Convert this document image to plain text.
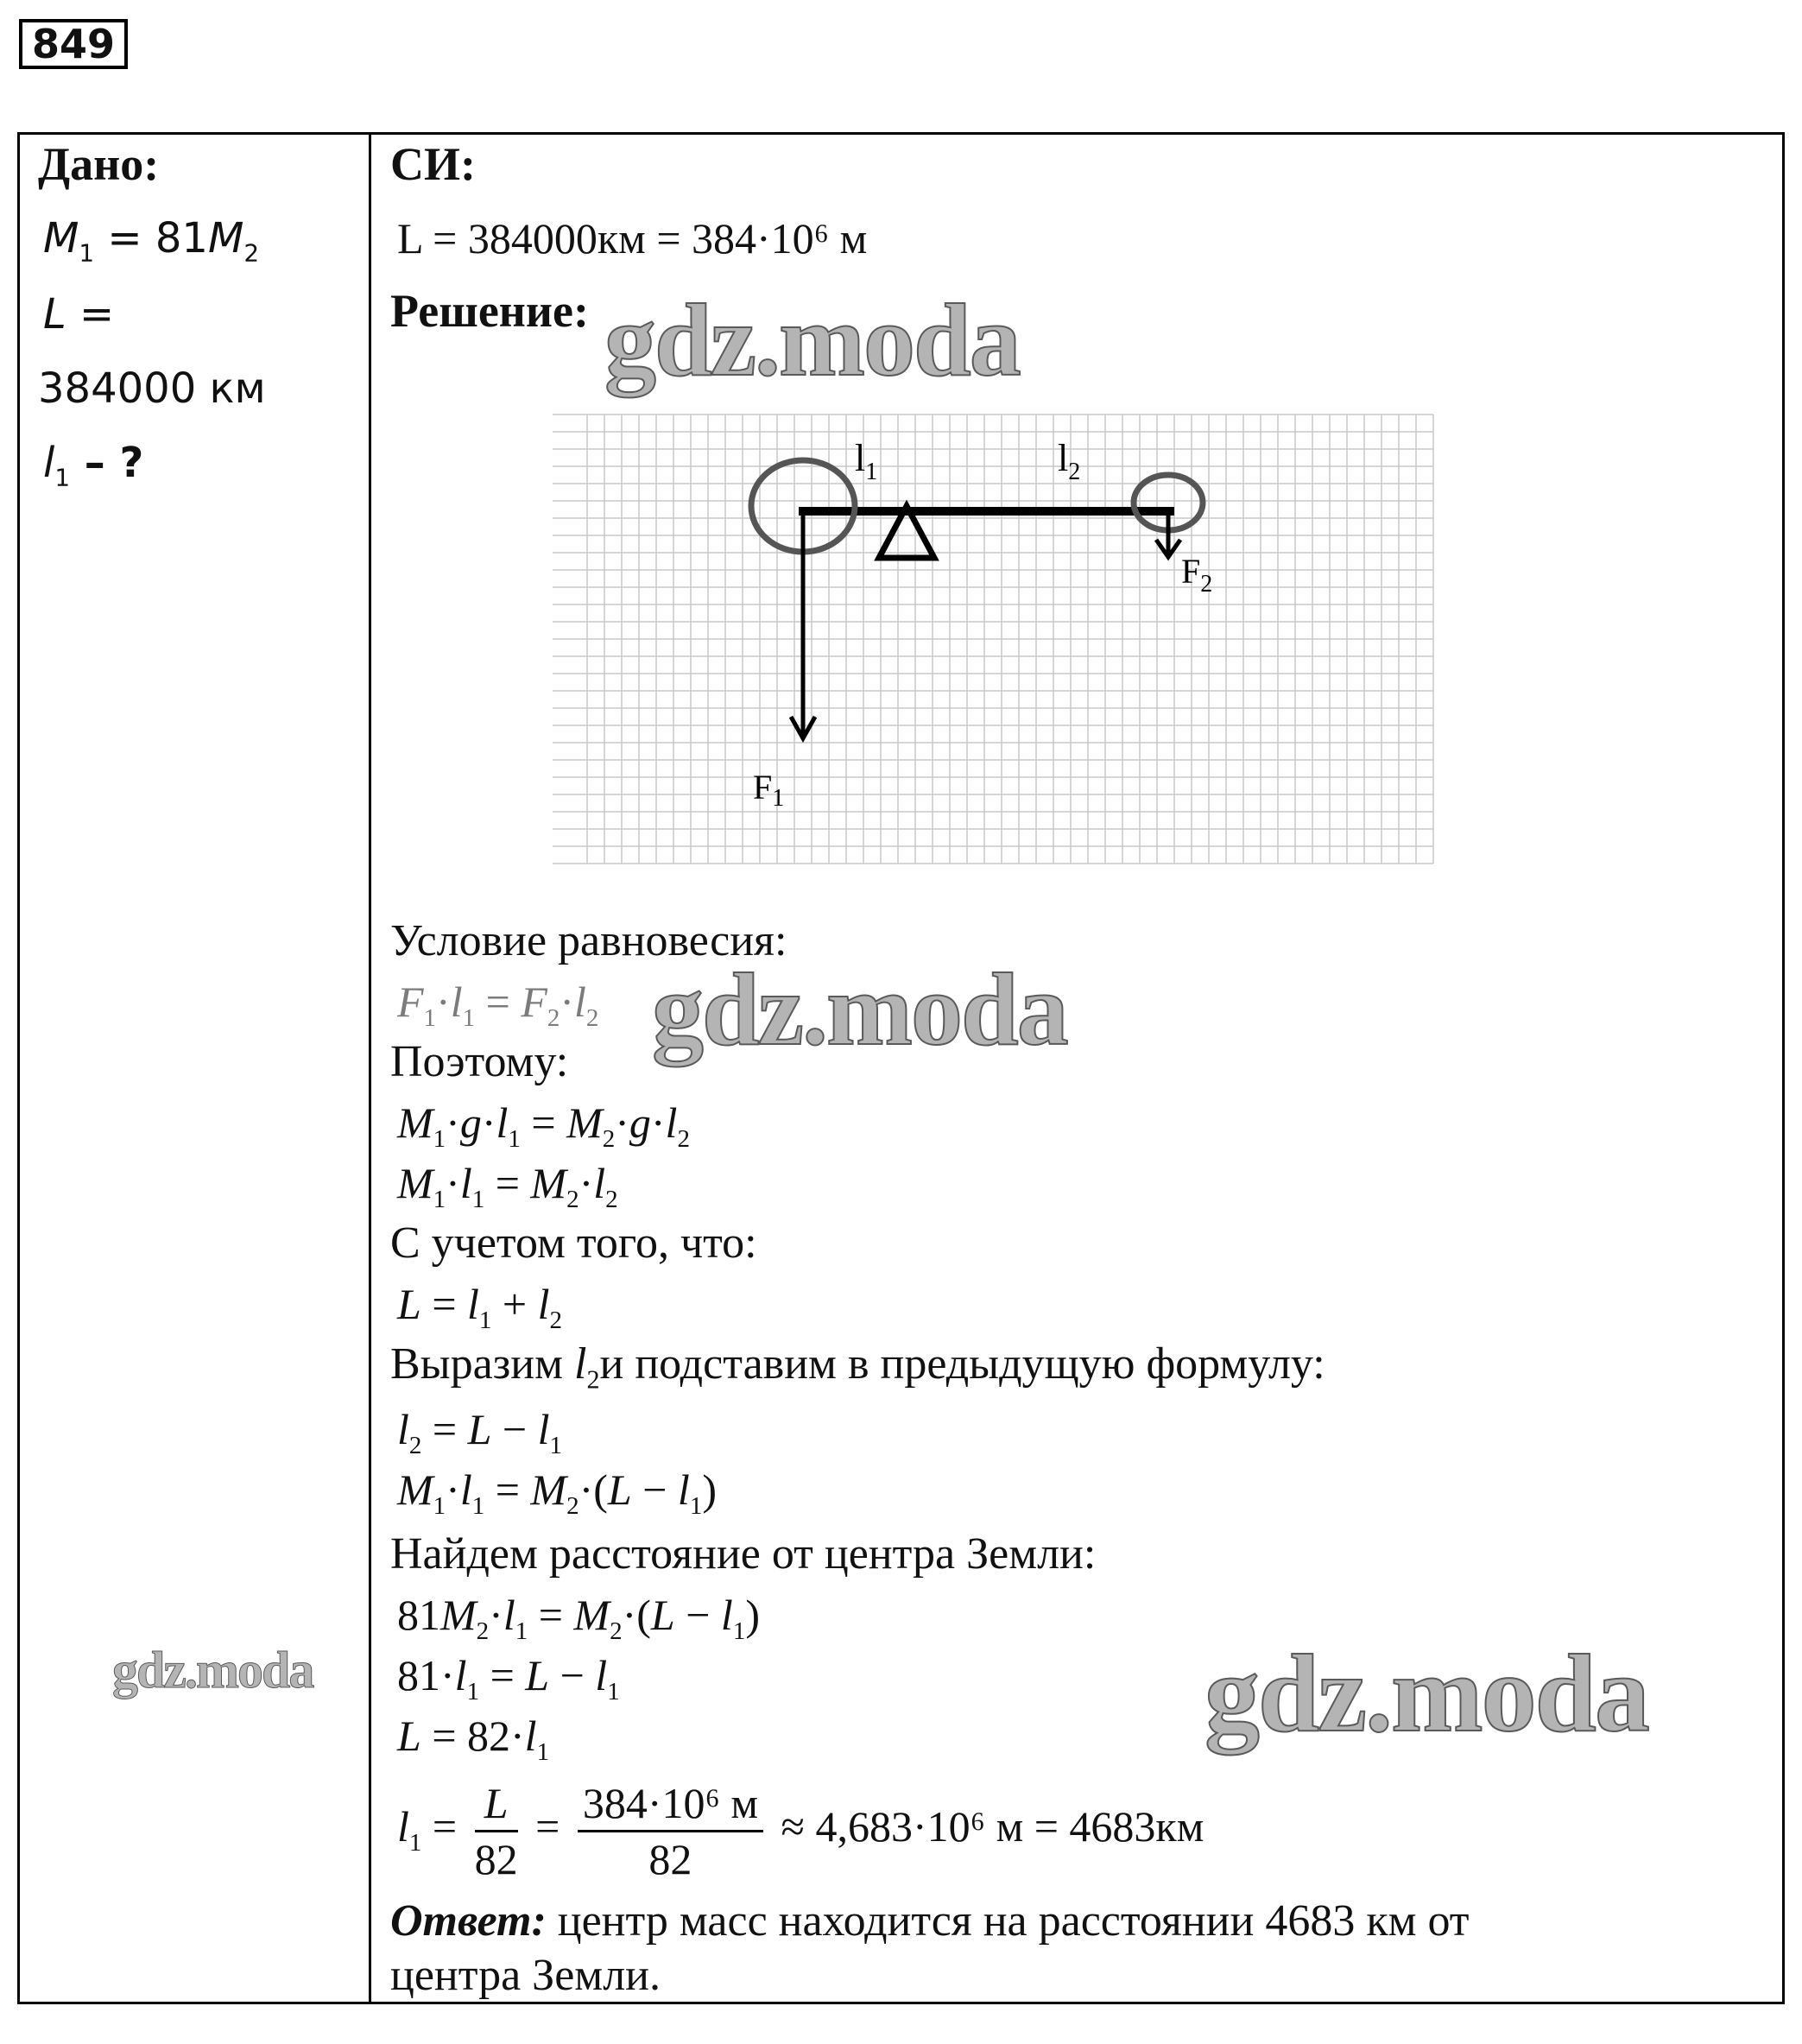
849
Дано:
$M_1 = 81M_2$
L =
384000 км
$l_1$ – ?
СИ:
L = 384000км = 384·10⁶ м
Решение:
$l_1$	$l_2$
$F_2$
$F_1$
Условие равновесия:
$F_1\cdot l_1 = F_2\cdot l_2$
Поэтому:
$M_1\cdot g\cdot l_1 = M_2\cdot g\cdot l_2$
$M_1\cdot l_1 = M_2\cdot l_2$
С учетом того, что:
$L = l_1 + l_2$
Выразим $l_2и$ подставим в предыдущую формулу:
$l_2 = L - l_1$
$M_1\cdot l_1 = M_2\cdot(L - l_1)$
Найдем расстояние от центра Земли:
$81M_2\cdot l_1 = M_2\cdot(L - l_1)$
$81\cdot l_1 = L - l_1$
$L = 82\cdot l_1$
$l_1 = \frac{L}{82} = \frac{\text{384·10⁶ м}}{82} \approx 4,683\cdot 10^6$ м = 4683км
Ответ: центр масс находится на расстоянии 4683 км от
центра Земли.
gdz.moda
gdz.moda
gdz.moda	gdz.moda
